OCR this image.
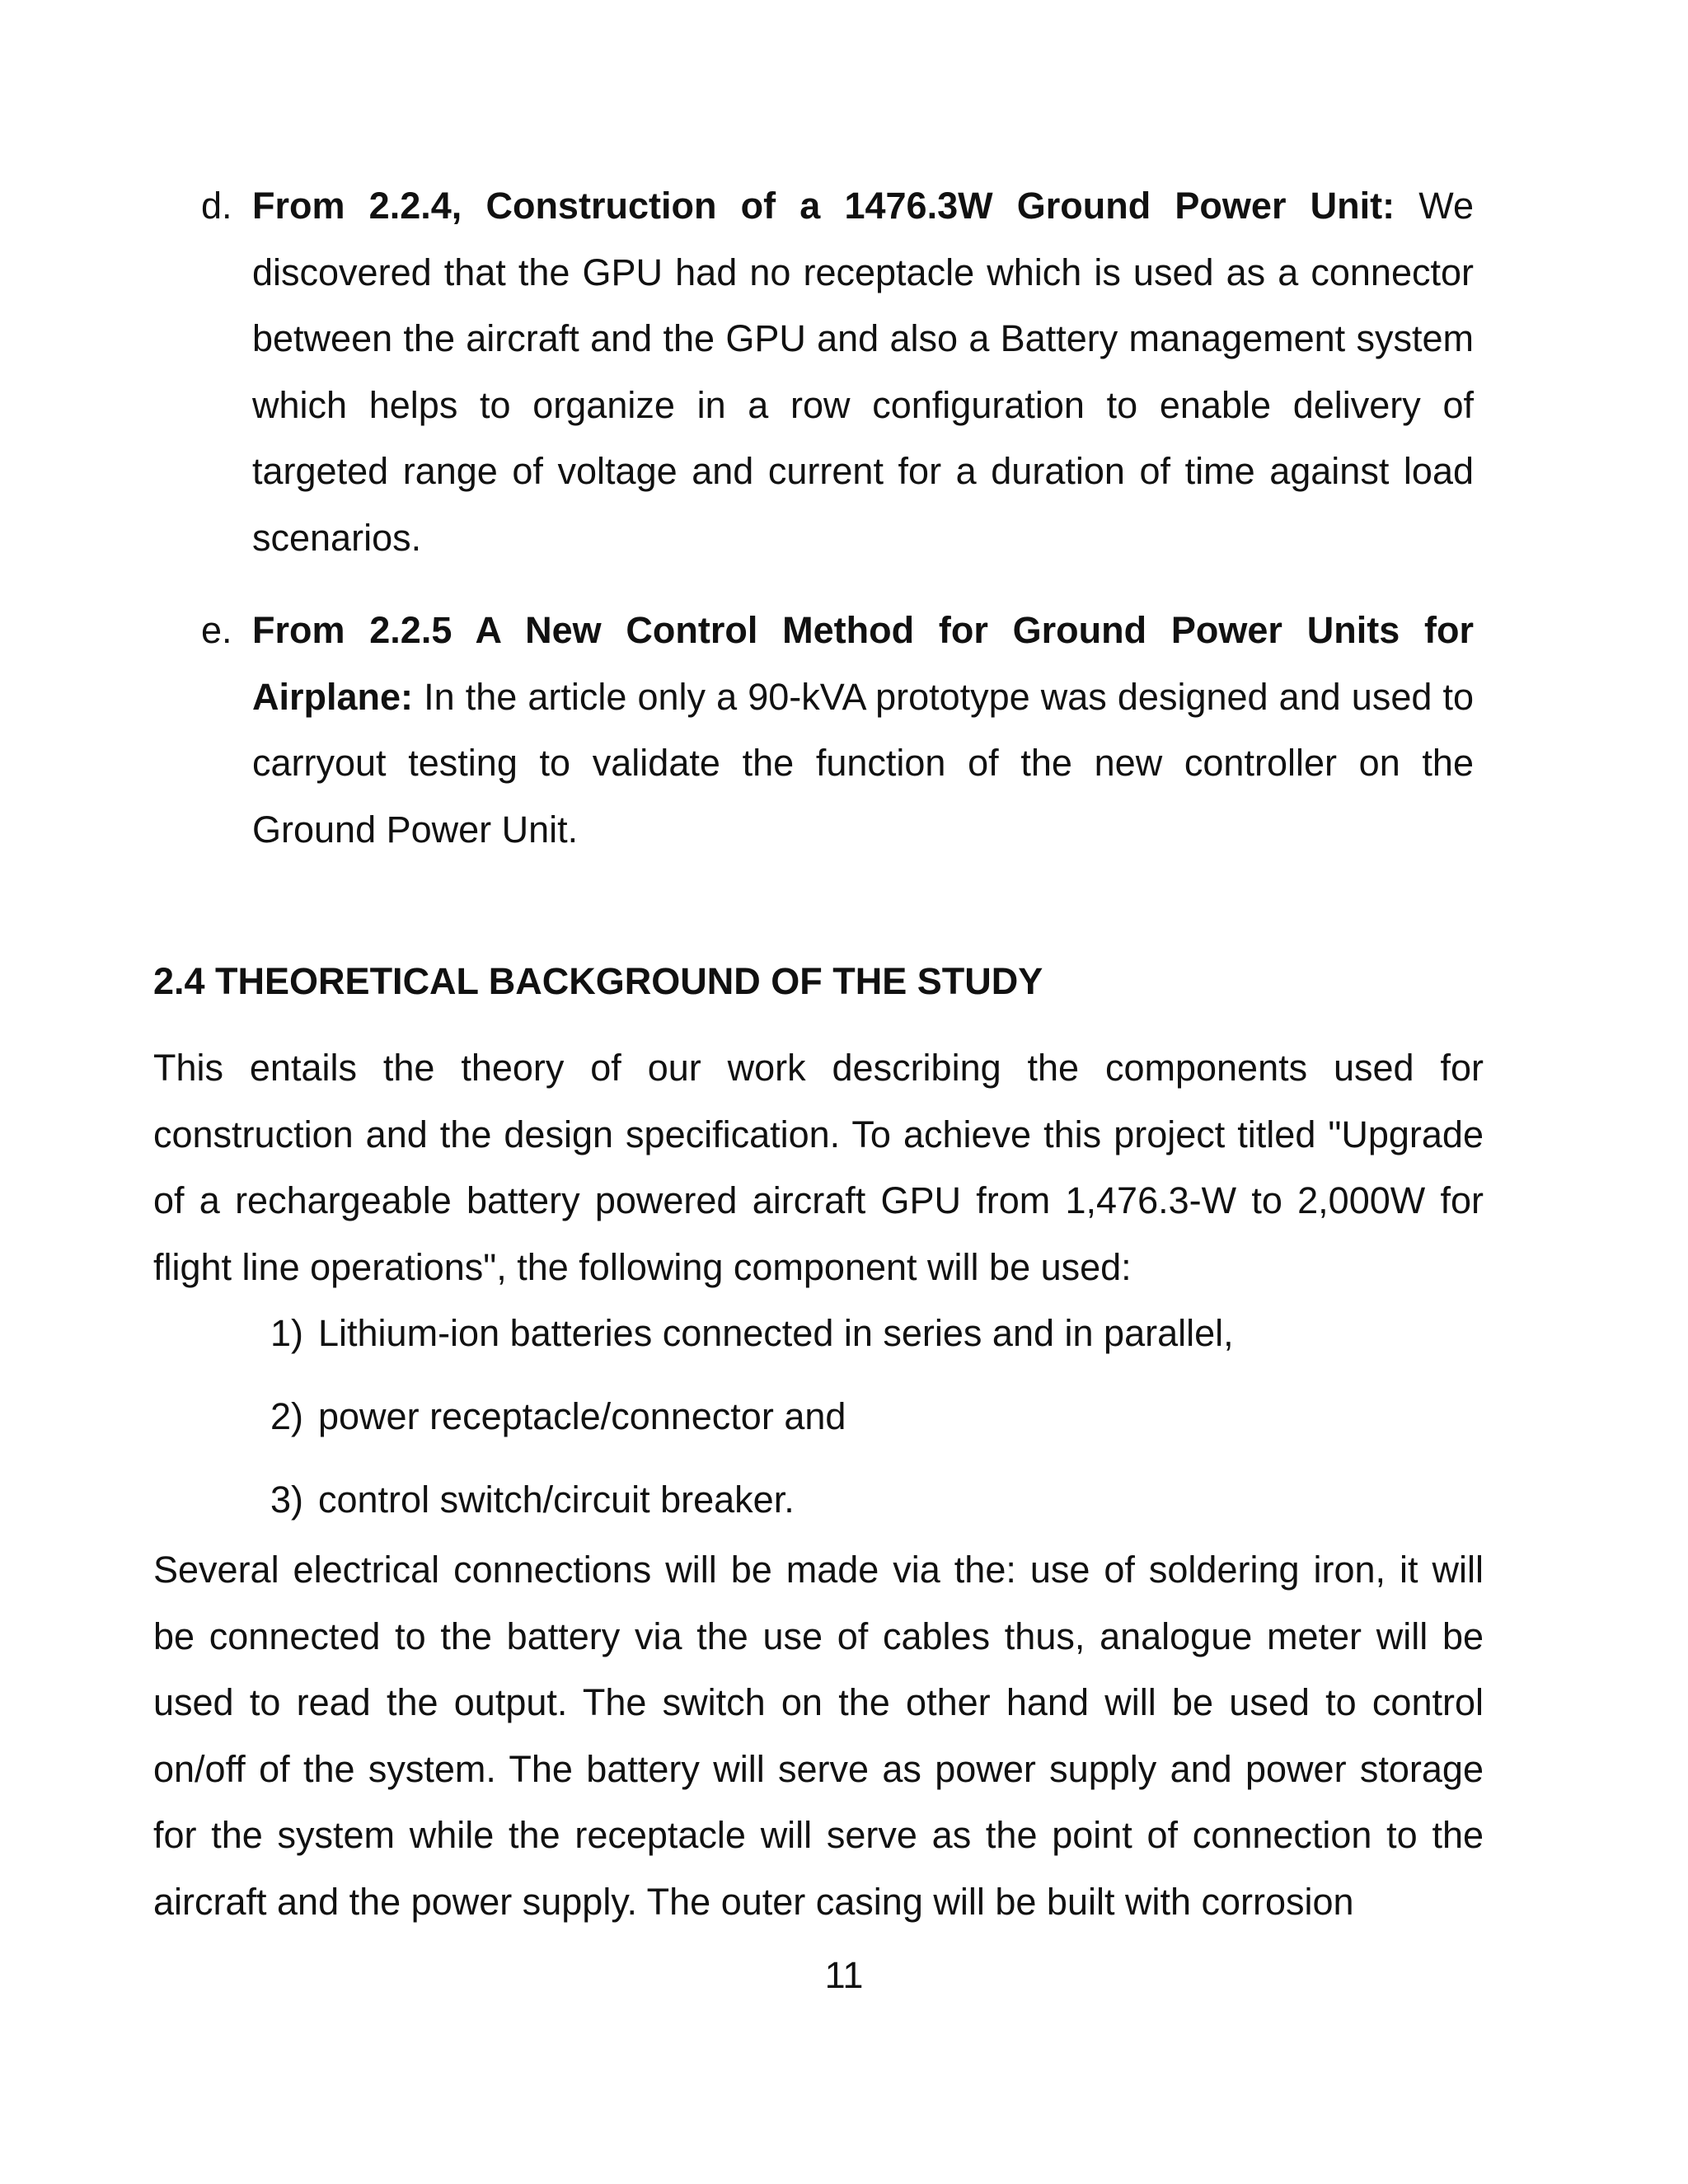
d. From 2.2.4, Construction of a 1476.3W Ground Power Unit: We discovered that the GPU had no receptacle which is used as a connector between the aircraft and the GPU and also a Battery management system which helps to organize in a row configuration to enable delivery of targeted range of voltage and current for a duration of time against load scenarios.
e. From 2.2.5 A New Control Method for Ground Power Units for Airplane: In the article only a 90-kVA prototype was designed and used to carryout testing to validate the function of the new controller on the Ground Power Unit.
2.4 THEORETICAL BACKGROUND OF THE STUDY
This entails the theory of our work describing the components used for construction and the design specification. To achieve this project titled "Upgrade of a rechargeable battery powered aircraft GPU from 1,476.3-W to 2,000W for flight line operations", the following component will be used:
1) Lithium-ion batteries connected in series and in parallel,
2) power receptacle/connector and
3) control switch/circuit breaker.
Several electrical connections will be made via the: use of soldering iron, it will be connected to the battery via the use of cables thus, analogue meter will be used to read the output. The switch on the other hand will be used to control on/off of the system. The battery will serve as power supply and power storage for the system while the receptacle will serve as the point of connection to the aircraft and the power supply. The outer casing will be built with corrosion
11
